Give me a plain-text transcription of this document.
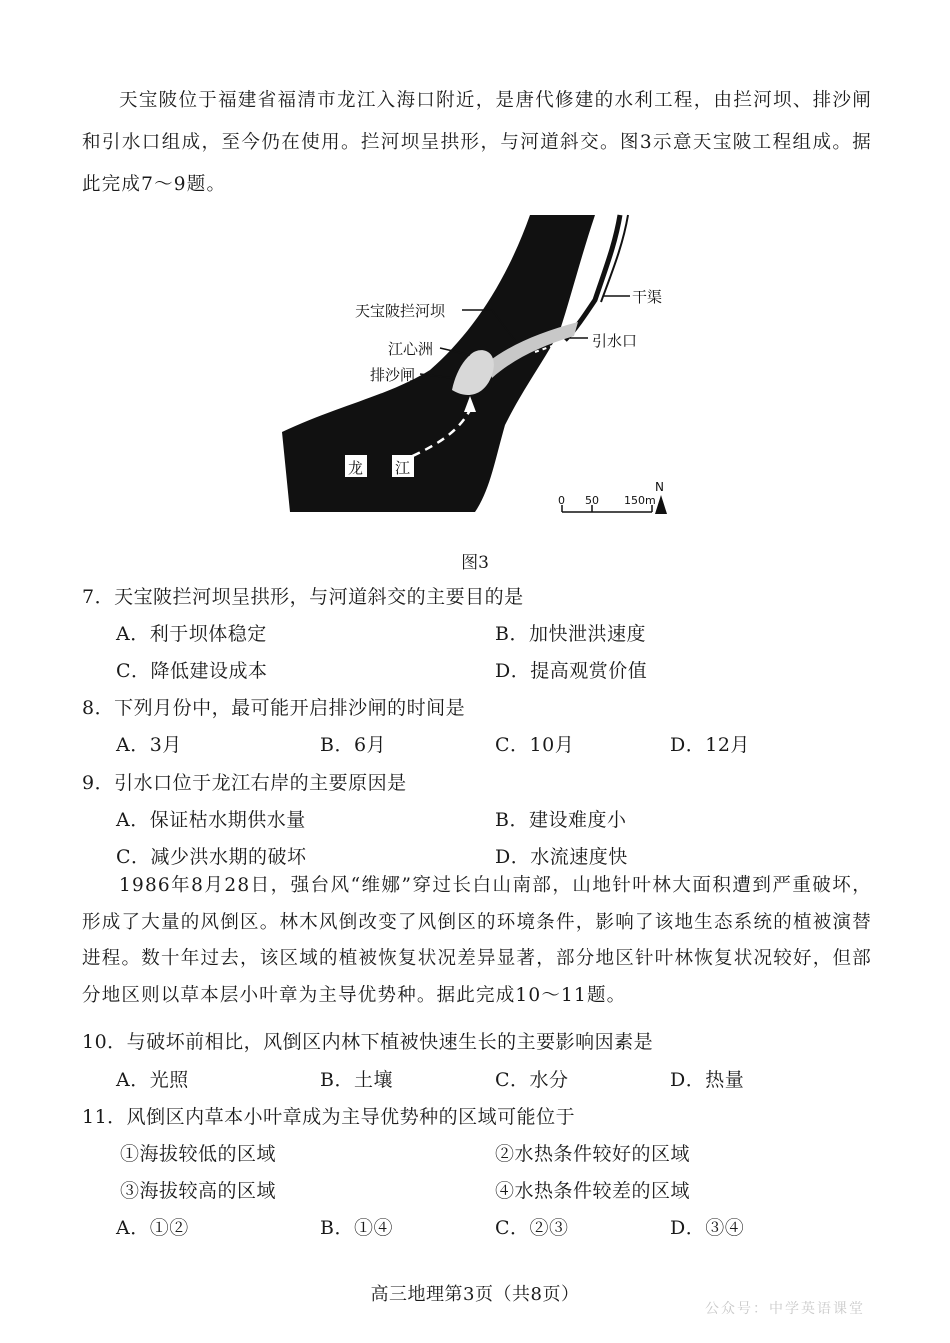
天宝陂位于福建省福清市龙江入海口附近，是唐代修建的水利工程，由拦河坝、排沙闸和引水口组成，至今仍在使用。拦河坝呈拱形，与河道斜交。图3示意天宝陂工程组成。据此完成7～9题。

天宝陂拦河坝
江心洲
排沙闸
干渠
引水口
龙 江
0 50 150m
N
图3
7．天宝陂拦河坝呈拱形，与河道斜交的主要目的是
A．利于坝体稳定	B．加快泄洪速度
C．降低建设成本	D．提高观赏价值
8．下列月份中，最可能开启排沙闸的时间是
A．3月	B．6月	C．10月	D．12月
9．引水口位于龙江右岸的主要原因是
A．保证枯水期供水量	B．建设难度小
C．减少洪水期的破坏	D．水流速度快

1986年8月28日，强台风“维娜”穿过长白山南部，山地针叶林大面积遭到严重破坏，形成了大量的风倒区。林木风倒改变了风倒区的环境条件，影响了该地生态系统的植被演替进程。数十年过去，该区域的植被恢复状况差异显著，部分地区针叶林恢复状况较好，但部分地区则以草本层小叶章为主导优势种。据此完成10～11题。

10．与破坏前相比，风倒区内林下植被快速生长的主要影响因素是
A．光照	B．土壤	C．水分	D．热量
11．风倒区内草本小叶章成为主导优势种的区域可能位于
①海拔较低的区域	②水热条件较好的区域
③海拔较高的区域	④水热条件较差的区域
A．①②	B．①④	C．②③	D．③④
高三地理第3页（共8页）
公众号：中学英语课堂
